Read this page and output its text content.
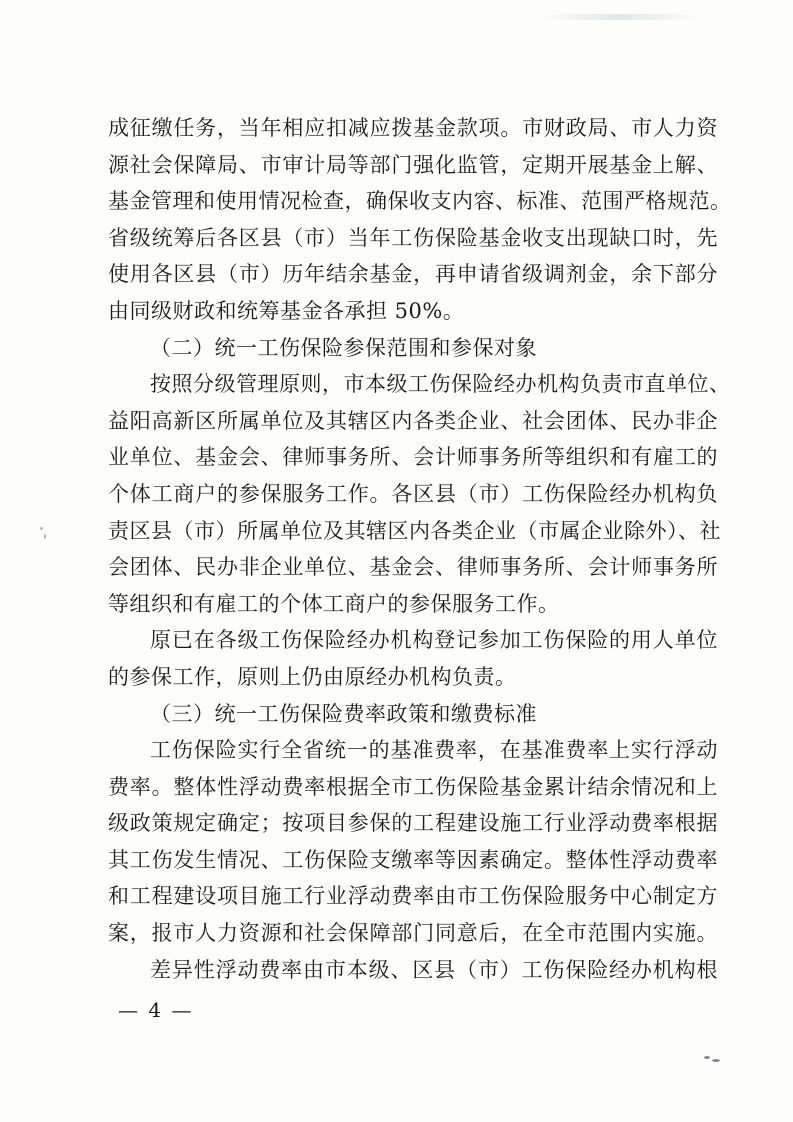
成征缴任务，当年相应扣减应拨基金款项。市财政局、市人力资
源社会保障局、市审计局等部门强化监管，定期开展基金上解、
基金管理和使用情况检查，确保收支内容、标准、范围严格规范。
省级统筹后各区县（市）当年工伤保险基金收支出现缺口时，先
使用各区县（市）历年结余基金，再申请省级调剂金，余下部分
由同级财政和统筹基金各承担 50%。
（二）统一工伤保险参保范围和参保对象
按照分级管理原则，市本级工伤保险经办机构负责市直单位、
益阳高新区所属单位及其辖区内各类企业、社会团体、民办非企
业单位、基金会、律师事务所、会计师事务所等组织和有雇工的
个体工商户的参保服务工作。各区县（市）工伤保险经办机构负
责区县（市）所属单位及其辖区内各类企业（市属企业除外）、社
会团体、民办非企业单位、基金会、律师事务所、会计师事务所
等组织和有雇工的个体工商户的参保服务工作。
原已在各级工伤保险经办机构登记参加工伤保险的用人单位
的参保工作，原则上仍由原经办机构负责。
（三）统一工伤保险费率政策和缴费标准
工伤保险实行全省统一的基准费率，在基准费率上实行浮动
费率。整体性浮动费率根据全市工伤保险基金累计结余情况和上
级政策规定确定；按项目参保的工程建设施工行业浮动费率根据
其工伤发生情况、工伤保险支缴率等因素确定。整体性浮动费率
和工程建设项目施工行业浮动费率由市工伤保险服务中心制定方
案，报市人力资源和社会保障部门同意后，在全市范围内实施。
差异性浮动费率由市本级、区县（市）工伤保险经办机构根
— 4 —
